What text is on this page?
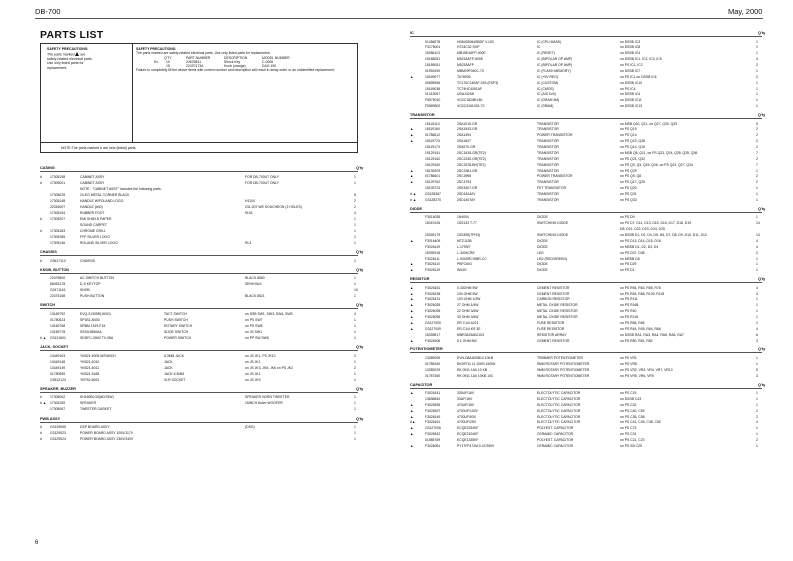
DB-700	May, 2000
PARTS LIST
SAFETY PRECAUTIONS:
The parts marked are
safety-related electrical parts.
Use only listed parts for
replacement.
SAFETY PRECAUTIONS:
The parts marked are safety-related electrical parts. Use only listed parts for replacement.
Q'TY	PART NUMBER	DESCRIPTION	MODEL NUMBER
Ex. 10	22676841	Shock Key	C-0006
15	22470173A	Knob (orange)	DAO-150
Failure to completely fill the above items with correct number and description will result in delay order or an unidentified replacement.
NOTE:The parts marked # are new (initial) parts.
CASING	Q'ty
# 17305158	CABINET ASSY	FOR DB-700UT ONLY	1
# 17305001	CABINET ASSY	FOR DB-700UT ONLY	1
NOTE : "CABINET ASSY" includes the following parts.
17305025	24-EG METAL CORNER BLACK	8
17305148	HANDLE W/FOLAND LOGO	H1104	2
22316007	HANDLE (#40)	231-007 WE SOUCHEON (2 HOLES)	2
17305154	RUBBER FOOT	9104	4
# 17305207	EMI SHIELD PAPER	1
SOUND CARPET	1
# 17305183	CHROME GRILL	1
17305185	FFP SILVER LOGO	1
17305146	ROLAND SILVER LOGO	RL3	1
CHASSIS	Q'ty
# G3617110	CHASSIS	1
KNOB, BUTTON	Q'ty
22475800	AC SWITCH BUTTON	BLACK 8860	1
86063178	D-S KEYTOP	SEHH BLK	1
G2471116	KNOB	10
22475158	PUSH BUTTON	BLACK 8521	1
SWITCH	Q'ty
13169792	EVQ-21305R(160G)	TACT SWITCH	on SSB SW1, SW3, SW4, SW5	4
01780623	SP1B1-B400	PUSH SWITCH	on PS SW7	1
13169768	SRBM 1519-F15	ROTARY SWITCH	on PS SW8	1
13169778	SSSU1B50AA	SLIDE SWITCH	on JS SW1	1
# ▲ G3121601	SDDFC-30H2 TV-08A	POWER SWITCH	on PP SW SW5	1
JACK, SOCKET	Q'ty
13449163	YKB21-6005 W/SWICH	6.3MM JACK	on JS JK1, PS JK10	2
13449148	YKB21-6010	JACK	on JS JK1	1
13449149	YKB21-6011	JACK	on JS JK3, JK5, JK6 on PS JK2	2
01780559	YKB21-5165	JACK 6.3MM	on JS JK1	1
G3512123	YKF52-6003	XLR SOCKET	on JS JK9	1
SPEAKER, BUZZER	Q'ty
# 17305062	KH160BLG5(8Ω/75W)	SPEAKER HORN TWEETER	1
# ▲ 17305159	SPEAKER	15INCH 8ohm WOOFER	1
17305067	TWEETER GASKET	1
PWB ASSY	Q'ty
# G3129655	DSP BOARD ASSY	(DSG)	1
# G3129523	POWER BOARD ASSY 100V/117V	1
# G3129524	POWER BOARD ASSY 230V/240V	1
IC	Q'ty
01456578	HD6433064SBDF V.100	IC (CPU MASK)	on DSSB IC3	1
F3175001	HT24C32 SOP	IC	on DSSB IC8	1
15286113	MB15E4AFP-400E	IC (RESET)	on DSSB IC4	1
15185051	M5218AFP-600E	IC (BIPOLAR OP AMP)	on DSSB IC1, IC2, IC3, IC5	4
15185051	M5218AFP	IC (BIPOLAR OP AMP)	on PS IC1, IC2	2
01992490	MBM29F040C-70	IC (FLASH MEMORY)	on DSSB IC7	1
▲	15169077	TA78005	IC (+5V REG)	on PS IC1 on DSSB IC6	2
00695956	TC170C140AF-033 (ESP3)	IC (CUSTOM)	on DSSB IC10	1
15169036	TC74HC4051AF	IC (CMOS)	on PS IC4	1
01413067	UDA1326H	IC (A/D D/A)	on DSSB IC4	1
F5575010	VG2C162/BH-80	IC (DRAM 4M)	on DSSB IC11	1
F5589502	VG2C3161024-70	IC (SRAM)	on DSSB IC13	1
TRANSISTOR	Q'ty
15115113	2SA1015-GR	TRANSISTOR	on MSB Q10, Q11, on Q27, Q30, Q33	5
▲	15119160	2SA1943-GR	TRANSISTOR	on PS Q19	2
▲	01786612	2SA1494	POWER TRANSISTOR	on PS Q14	2
▲	15119723	2SA1837	TRANSISTOR	on PS Q19, Q38	2
15119173	2SA970-GR	TRANSISTOR	on PS Q14, Q15	2
15129151	2SC1815-GR(TE2)	TRANSISTOR	on MSB Q8, Q11, on PS Q23, Q24, Q28, Q35, Q36	7
15129162	2SC2240-GR(TE2)	TRANSISTOR	on PS Q21, Q32	2
15129162	2SC3378-BH(TE2)	TRANSISTOR	on PS Q9, Q3, Q15, Q26, on PS Q23, Q27, Q34	7
▲	15139209	2SC2381-GR	TRANSISTOR	on PS Q29	1
▲	01786601	2SC3998	POWER TRANSISTOR	on PS Q5, Q8	2
▲	15129762	2SC4793	TRANSISTOR	on PS Q17, Q25	2
15139723	2SK3307-GR	FET TRANSISTOR	on PS Q20	1
# ▲	G3128367	2SD1814AY	TRANSISTOR	on PS Q31	1
# ▲	G3128370	2SD1407AY	TRANSISTOR	on PS Q33	1
DIODE	Q'ty
F3016035	1N4004	DIODE	on PS D9	1
15019126	1SS133 T-77	SWITCHING DIODE	on PS D7, D11, D13, D15, D16, D17, D18, D19	14
D8, D21, D22, D23, D24, D25
15339179	1SS355(TPH3)	SWITCHING DIODE	on DSSB D1, D2, D4, D5, D6, D7, D8, D9, D10, D11, D12	13
▲	F3016405	MTZJ13B	DIODE	on PS D13, D14, D15, D16	4
F3026119	L-1793IT	DIODE	on MSSB D1, D2, D3, D4	4
15339318	L-3404CRE	LED	on PS D37, D38	2
F3026111	L-934SRC/SBR-CC	LED (RED/GREEN)	on MSSB D5	1
▲	F3026110	PBFC603	DIODE	on PS D29	1
▲	F3026119	W04G	DIODE	on PS D1	1
RESISTOR	Q'ty
▲	F3026181	0.33OHM 5W	CEMENT RESISTOR	on PS R54, R63, R65, R76	4
▲	F3026138	100 OHM 5W	CEMENT RESISTOR	on PS R63, R68, R109, R118	4
▲	F3026131	100 OHM 1/2W	CARBON RESISTOR	on PS R111	1
▲	F3026035	27 OHM 1/4W	METAL OXIDE RESISTOR	on PS R168	1
▲	F3026035	22 OHM 3/4W	METAL OXIDE RESISTOR	on PS R40	1
▲	F3026035	33 OHM 3/4W	METAL OXIDE RESISTOR	on PS R116	1
▲	G3127000	ER C1/4 A221	FUSE RESISTOR	on PS R68, R66	2
▲	G3127009	ER C1/4 KR 3E	FUSE RESISTOR	on PS R44, R45, R64, R66	4
15339817	MNR34J5ABJ103	RESISTOR ARRAY	on DSSB RA1, RA3, RA4, RA5, RA6, RA7	6
▲	F3026406	5.1 OHM 5W	CEMENT RESISTOR	on PS R80, R81, R82	3
POTENTIOMETER	Q'ty
13289055	EVN-D8AA00B14 10KB	TRIMMER POTENTIOMETER	on PS VR1	1
01785340	RK09711 11 10KB 15/5W	9MM ROTARY POTENTIOMETER	on PS VR8	1
13289229	RK 0911 1A0 10 KB	9MM ROTARY POTENTIOMETER	on PS VR2, VR3, VR4, VR7, VR10	5
01787360	RK 0911 1A0 10KB 10C	9MM ROTARY POTENTIOMETER	on PS VR5, VR6, VR9	3
CAPACITOR	Q'ty
▲	F3026141	330UF/16V	ELECTOLYTIC CAPACITOR	on PS C19	1
13638560	33UF/16V	ELECTOLYTIC CAPACITOR	on DSSB C43	1
▲	F3026535	470UF/16V	ELECTOLYTIC CAPACITOR	on PS C32	1
▲	F3026537	4700UF/100V	ELECTOLYTIC CAPACITOR	on PS C40, C59	2
▲	F3026149	4700UF/63V	ELECTOLYTIC CAPACITOR	on PS C35, C58	2
#▲	F3026161	4700UF/25V	ELECTOLYTIC CAPACITOR	on PS C41, C45, C48, C50	4
▲	G3127006	ECQE2334KF	POLYEST. CAPACITOR	on PS C73	1
▲	F3026512	ECQE2104KF	CERAMIC CAPACITOR	on PS C31	1
01585769	ECQE1335KF	POLYEST. CAPACITOR	on PS C21, C23	2
▲	F3026051	PY17FF472M,0.47/250V	CERAMIC CAPACITOR	on PS SB C25	1
6
